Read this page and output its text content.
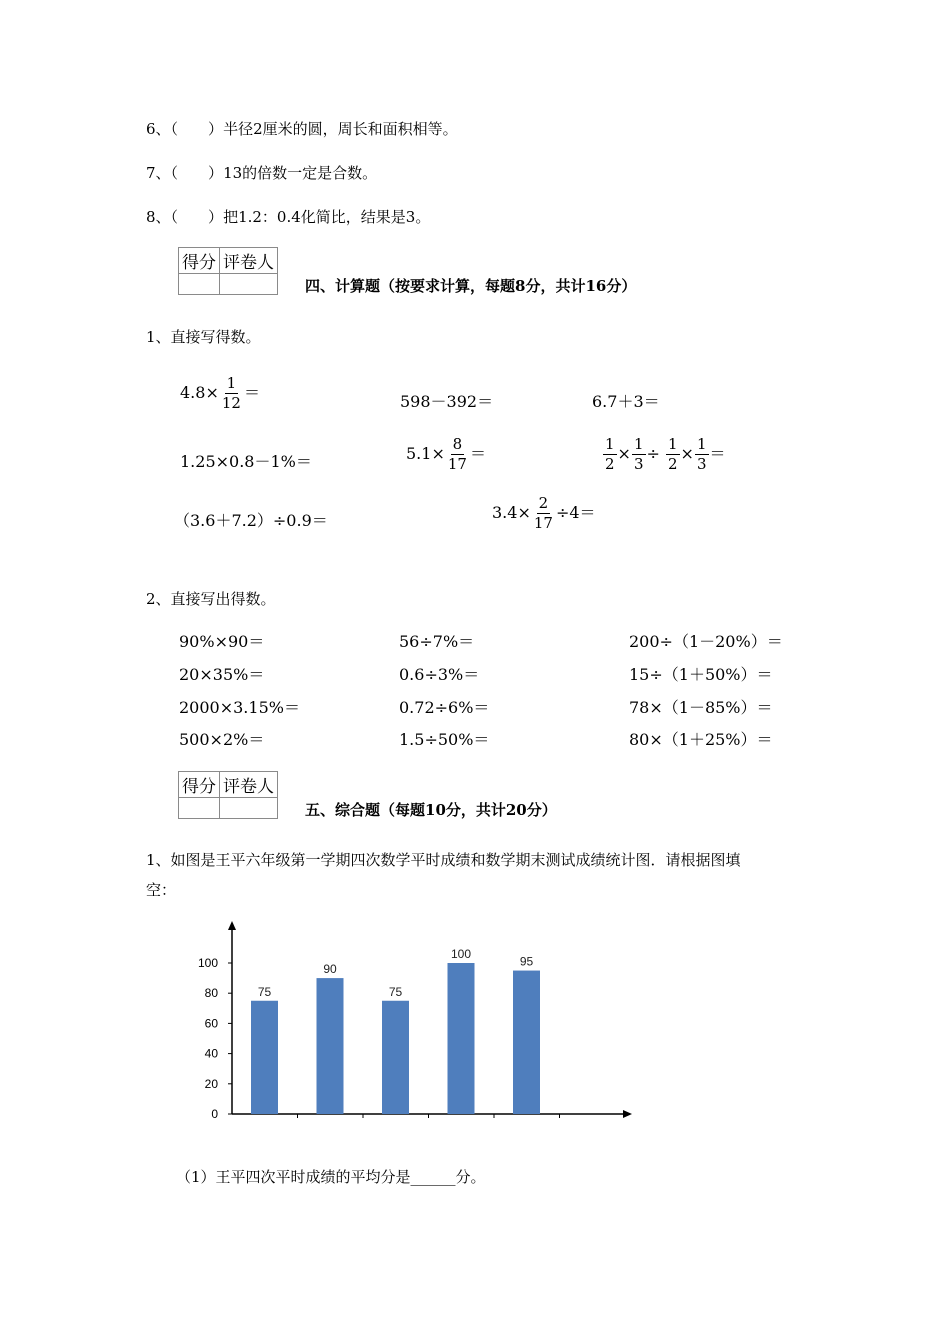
6、（　　）半径2厘米的圆，周长和面积相等。
7、（　　）13的倍数一定是合数。
8、（　　）把1.2：0.4化简比，结果是3。
得分	评卷人

四、计算题（按要求计算，每题8分，共计16分）
1、直接写得数。
$4.8\times \frac{1}{12}$ ＝	598－392＝	6.7＋3＝
1.25×0.8－1%＝	$5.1\times \frac{8}{17}$ ＝	$\frac{1}{2} \times \frac{1}{3} \div \frac{1}{2} \times \frac{1}{3}$ ＝
（3.6＋7.2）÷0.9＝	$3.4\times \frac{2}{17} \div 4=$
2、直接写出得数。
90%×90＝	56÷7%＝	200÷（1－20%）＝
20×35%＝	0.6÷3%＝	15÷（1＋50%）＝
2000×3.15%＝	0.72÷6%＝	78×（1－85%）＝
500×2%＝	1.5÷50%＝	80×（1＋25%）＝
得分	评卷人

五、综合题（每题10分，共计20分）
1、如图是王平六年级第一学期四次数学平时成绩和数学期末测试成绩统计图．请根据图填
空：
0
20
40
60
80
100
75
90
75
100
95
（1）王平四次平时成绩的平均分是______分。
